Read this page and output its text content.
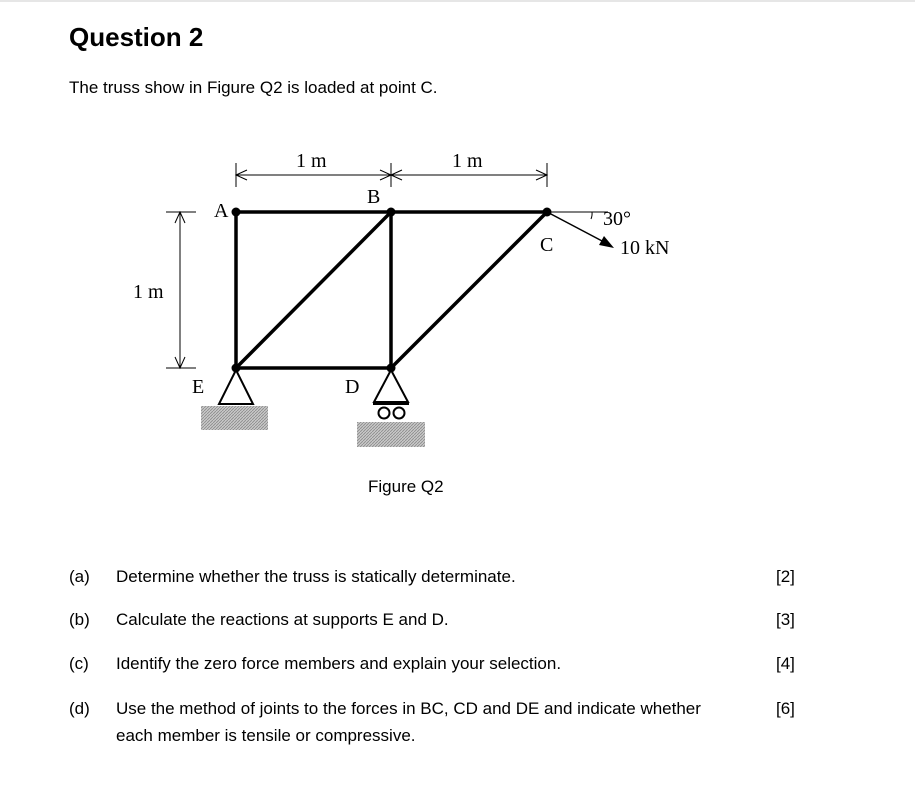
Question 2
The truss show in Figure Q2 is loaded at point C.
1 m	1 m
1 m
A
B
C
D
E
30°
10 kN
Figure Q2
(a) Determine whether the truss is statically determinate.	[2]
(b) Calculate the reactions at supports E and D.	[3]
(c) Identify the zero force members and explain your selection.	[4]
(d) Use the method of joints to the forces in BC, CD and DE and indicate whether each member is tensile or compressive.
[6]
